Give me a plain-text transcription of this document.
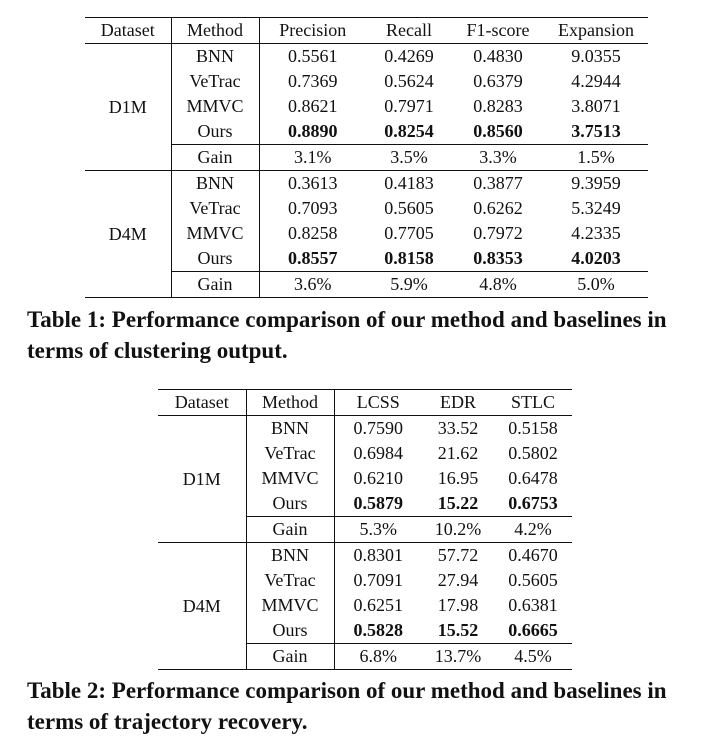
Dataset	Method	Precision	Recall	F1-score	Expansion
D1M	BNN	0.5561	0.4269	0.4830	9.0355
	VeTrac	0.7369	0.5624	0.6379	4.2944
	MMVC	0.8621	0.7971	0.8283	3.8071
	Ours	0.8890	0.8254	0.8560	3.7513
	Gain	3.1%	3.5%	3.3%	1.5%
D4M	BNN	0.3613	0.4183	0.3877	9.3959
	VeTrac	0.7093	0.5605	0.6262	5.3249
	MMVC	0.8258	0.7705	0.7972	4.2335
	Ours	0.8557	0.8158	0.8353	4.0203
	Gain	3.6%	5.9%	4.8%	5.0%

Table 1: Performance comparison of our method and baselines in terms of clustering output.

Dataset	Method	LCSS	EDR	STLC
D1M	BNN	0.7590	33.52	0.5158
	VeTrac	0.6984	21.62	0.5802
	MMVC	0.6210	16.95	0.6478
	Ours	0.5879	15.22	0.6753
	Gain	5.3%	10.2%	4.2%
D4M	BNN	0.8301	57.72	0.4670
	VeTrac	0.7091	27.94	0.5605
	MMVC	0.6251	17.98	0.6381
	Ours	0.5828	15.52	0.6665
	Gain	6.8%	13.7%	4.5%

Table 2: Performance comparison of our method and baselines in terms of trajectory recovery.
